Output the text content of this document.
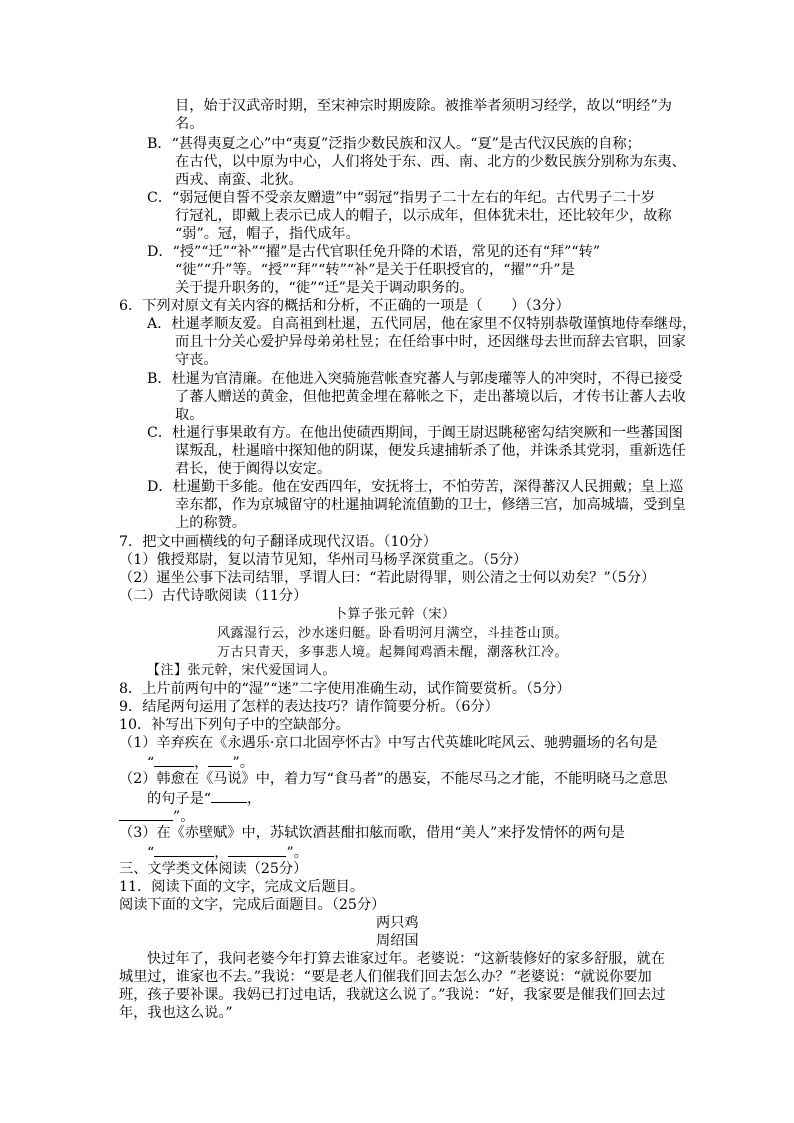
目，始于汉武帝时期，至宋神宗时期废除。被推举者须明习经学，故以“明经”为
名。
B．“甚得夷夏之心”中“夷夏”泛指少数民族和汉人。“夏”是古代汉民族的自称；
在古代，以中原为中心，人们将处于东、西、南、北方的少数民族分别称为东夷、
西戎、南蛮、北狄。
C．“弱冠便自誓不受亲友赠遗”中“弱冠”指男子二十左右的年纪。古代男子二十岁
行冠礼，即戴上表示已成人的帽子，以示成年，但体犹未壮，还比较年少，故称
“弱”。冠，帽子，指代成年。
D．“授”“迁”“补”“擢”是古代官职任免升降的术语，常见的还有“拜”“转”
“徙”“升”等。“授”“拜”“转”“补”是关于任职授官的，“擢”“升”是
关于提升职务的，“徙”“迁”是关于调动职务的。
6．下列对原文有关内容的概括和分析，不正确的一项是（　　）（3分）
A．杜暹孝顺友爱。自高祖到杜暹，五代同居，他在家里不仅特别恭敬谨慎地侍奉继母，
而且十分关心爱护异母弟弟杜昱；在任给事中时，还因继母去世而辞去官职，回家
守丧。
B．杜暹为官清廉。在他进入突骑施营帐查究蕃人与郭虔瓘等人的冲突时，不得已接受
了蕃人赠送的黄金，但他把黄金埋在幕帐之下，走出蕃境以后，才传书让蕃人去收
取。
C．杜暹行事果敢有方。在他出使碛西期间，于阗王尉迟眺秘密勾结突厥和一些蕃国图
谋叛乱，杜暹暗中探知他的阴谋，便发兵逮捕斩杀了他，并诛杀其党羽，重新选任
君长，使于阗得以安定。
D．杜暹勤干多能。他在安西四年，安抚将士，不怕劳苦，深得蕃汉人民拥戴；皇上巡
幸东都，作为京城留守的杜暹抽调轮流值勤的卫士，修缮三宫，加高城墙，受到皇
上的称赞。
7．把文中画横线的句子翻译成现代汉语。（10分）
（1）俄授郑尉，复以清节见知，华州司马杨孚深赏重之。（5分）
（2）暹坐公事下法司结罪，孚谓人曰：“若此尉得罪，则公清之士何以劝矣？”（5分）
（二）古代诗歌阅读（11分）
卜算子张元幹（宋）
风露湿行云，沙水迷归艇。卧看明河月满空，斗挂苍山顶。
万古只青天，多事悲人境。起舞闻鸡酒未醒，潮落秋江冷。
【注】张元幹，宋代爱国词人。
8．上片前两句中的“湿”“迷”二字使用准确生动，试作简要赏析。（5分）
9．结尾两句运用了怎样的表达技巧？请作简要分析。（6分）
10．补写出下列句子中的空缺部分。
（1）辛弃疾在《永遇乐·京口北固亭怀古》中写古代英雄叱咤风云、驰骋疆场的名句是
“	， ”。
（2）韩愈在《马说》中，着力写“食马者”的愚妄，不能尽马之才能，不能明晓马之意思
的句子是“	，
”。
（3）在《赤壁赋》中，苏轼饮酒甚酣扣舷而歌，借用“美人”来抒发情怀的两句是
“	，	”。
三、文学类文体阅读（25分）
11．阅读下面的文字，完成文后题目。
阅读下面的文字，完成后面题目。（25分）
两只鸡
周绍国
快过年了，我问老婆今年打算去谁家过年。老婆说：“这新装修好的家多舒服，就在
城里过，谁家也不去。”我说：“要是老人们催我们回去怎么办？”老婆说：“就说你要加
班，孩子要补课。我妈已打过电话，我就这么说了。”我说：“好，我家要是催我们回去过
年，我也这么说。”
